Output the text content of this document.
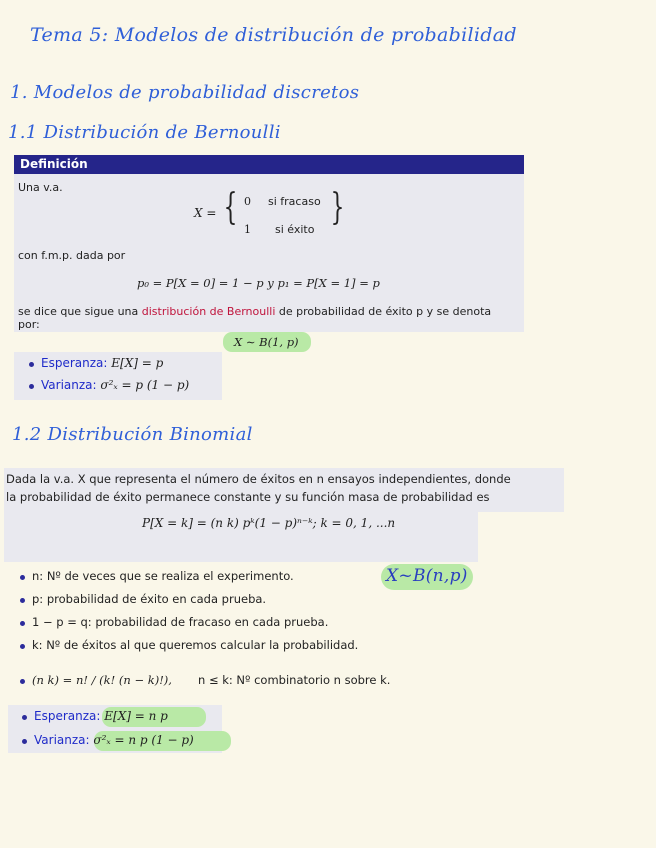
Tema 5: Modelos de distribución de probabilidad
1. Modelos de probabilidad discretos
1.1 Distribución de Bernoulli
Definición
Una v.a.
X = { 0 si fracaso
1 si éxito
}
con f.m.p. dada por
p₀ = P[X = 0] = 1 − p y p₁ = P[X = 1] = p
se dice que sigue una distribución de Bernoulli de probabilidad de éxito p y se denota
por:
X ∼ B(1, p)
Esperanza: E[X] = p
Varianza: σ²ₓ = p (1 − p)
1.2 Distribución Binomial
Dada la v.a. X que representa el número de éxitos en n ensayos independientes, donde
la probabilidad de éxito permanece constante y su función masa de probabilidad es
P[X = k] = (n k) pᵏ(1 − p)ⁿ⁻ᵏ; k = 0, 1, ...n
n: Nº de veces que se realiza el experimento.	X~B(n,p)
p: probabilidad de éxito en cada prueba.
1 − p = q: probabilidad de fracaso en cada prueba.
k: Nº de éxitos al que queremos calcular la probabilidad.
(n k) = n! / (k! (n − k)!), n ≤ k: Nº combinatorio n sobre k.
Esperanza: E[X] = n p
Varianza: σ²ₓ = n p (1 − p)
